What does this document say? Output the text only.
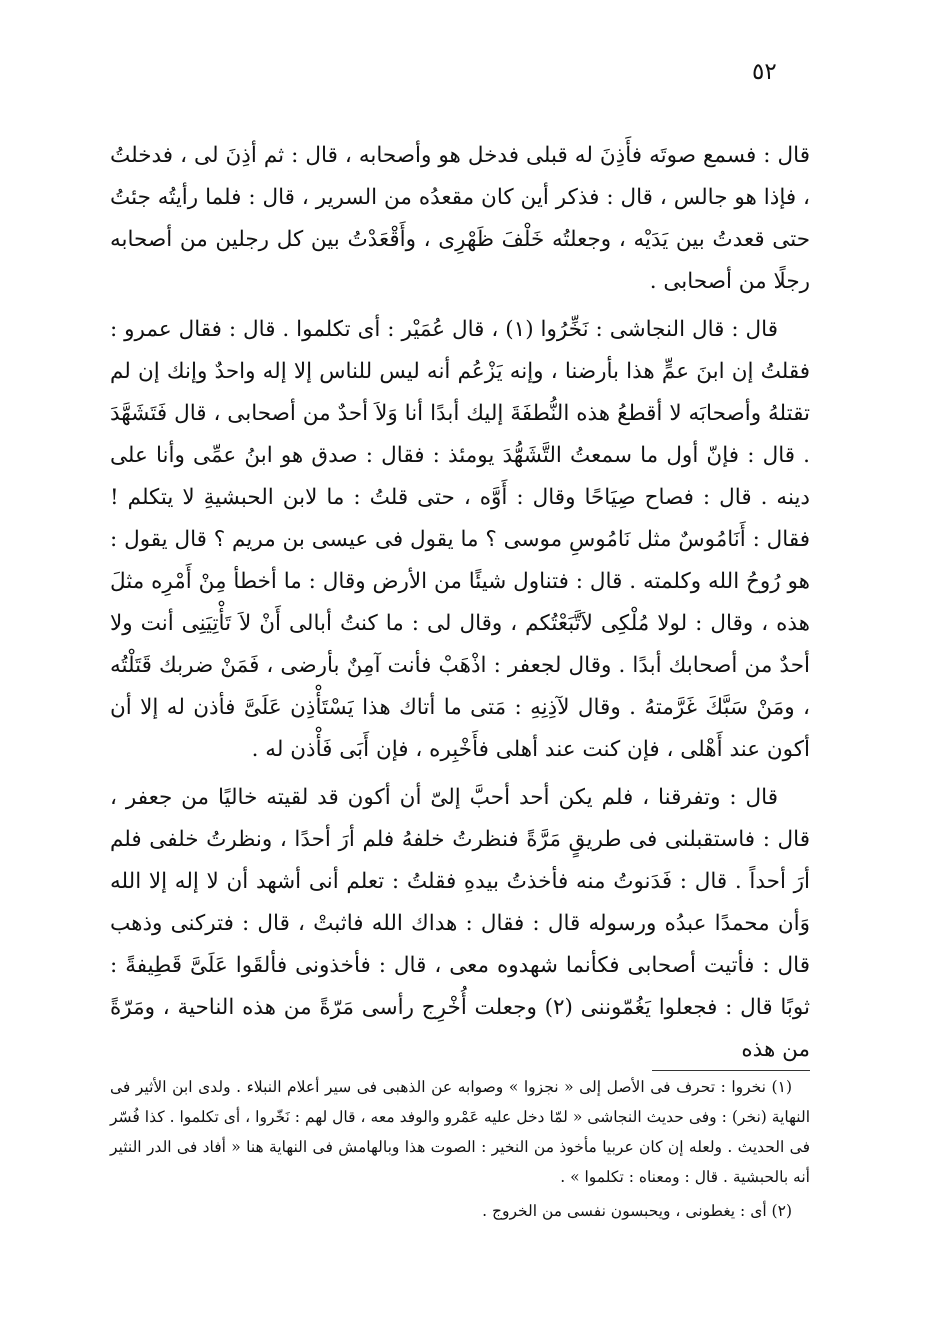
٥٢

قال : فسمع صوتَه فأَذِنَ له قبلى فدخل هو وأصحابه ، قال : ثم أذِنَ لى ، فدخلتُ ، فإذا هو جالس ، قال : فذكر أين كان مقعدُه من السرير ، قال : فلما رأيتُه جئتُ حتى قعدتُ بين يَدَيْه ، وجعلتُه خَلْفَ ظَهْرِى ، وأَقْعَدْتُ بين كل رجلين من أصحابه رجلًا من أصحابى .

قال : قال النجاشى : نَخِّرُوا (١) ، قال عُمَيْر : أى تكلموا . قال : فقال عمرو : فقلتُ إن ابنَ عمٍّ هذا بأرضنا ، وإنه يَزْعُم أنه ليس للناس إلا إله واحدٌ وإنك إن لم تقتلهُ وأصحابَه لا أقطعُ هذه النُّطفَةَ إليك أبدًا أنا وَلاَ أحدٌ من أصحابى ، قال فَتَشَهَّدَ . قال : فإنّ أول ما سمعتُ التَّشَهُّدَ يومئذ : فقال : صدق هو ابنُ عمِّى وأنا على دينه . قال : فصاح صِيَاحًا وقال : أَوَّه ، حتى قلتُ : ما لابن الحبشيةِ لا يتكلم ! فقال : أَنَامُوسٌ مثل نَامُوسِ موسى ؟ ما يقول فى عيسى بن مريم ؟ قال يقول : هو رُوحُ الله وكلمته . قال : فتناول شيئًا من الأرض وقال : ما أخطأ مِنْ أَمْرِه مثلَ هذه ، وقال : لولا مُلْكِى لاَتَّبَعْتُكم ، وقال لى : ما كنتُ أبالى أَنْ لاَ تَأْتِيَنِى أنت ولا أحدٌ من أصحابك أبدًا . وقال لجعفر : اذْهَبْ فأنت آمِنٌ بأرضى ، فَمَنْ ضربك قَتَلْتُه ، ومَنْ سَبَّكَ غَرَّمتهُ . وقال لآذِنِهِ : مَتى ما أتاك هذا يَسْتَأْذِن عَلَىَّ فأذن له إلا أن أكون عند أَهْلى ، فإن كنت عند أهلى فأَخْبِره ، فإن أَبَى فَأْذن له .

قال : وتفرقنا ، فلم يكن أحد أحبَّ إلىّ أن أكون قد لقيته خاليًا من جعفر ، قال : فاستقبلنى فى طريقٍ مَرَّةً فنظرتُ خلفهُ فلم أرَ أحدًا ، ونظرتُ خلفى فلم أرَ أحداً . قال : فَدَنوتُ منه فأخذتُ بيدهِ فقلتُ : تعلم أنى أشهد أن لا إله إلا الله وَأن محمدًا عبدُه ورسوله قال : فقال : هداك الله فاثبتْ ، قال : فتركنى وذهب قال : فأتيت أصحابى فكأنما شهدوه معى ، قال : فأخذونى فألقَوا عَلَىَّ قَطِيفةً : ثوبًا قال : فجعلوا يَغُمّوننى (٢) وجعلت أُخْرِج رأسى مَرّةً من هذه الناحية ، ومَرّةً من هذه

(١) نخروا : تحرف فى الأصل إلى « نجزوا » وصوابه عن الذهبى فى سير أعلام النبلاء . ولدى ابن الأثير فى النهاية (نخر) : وفى حديث النجاشى « لمّا دخل عليه عَمْرو والوفد معه ، قال لهم : نَخّروا ، أى تكلموا . كذا فُسّر فى الحديث . ولعله إن كان عربيا مأخوذ من النخير : الصوت هذا وبالهامش فى النهاية هنا « أفاد فى الدر النثير أنه بالحبشية . قال : ومعناه : تكلموا » .

(٢) أى : يغطونى ، ويحبسون نفسى من الخروج .
